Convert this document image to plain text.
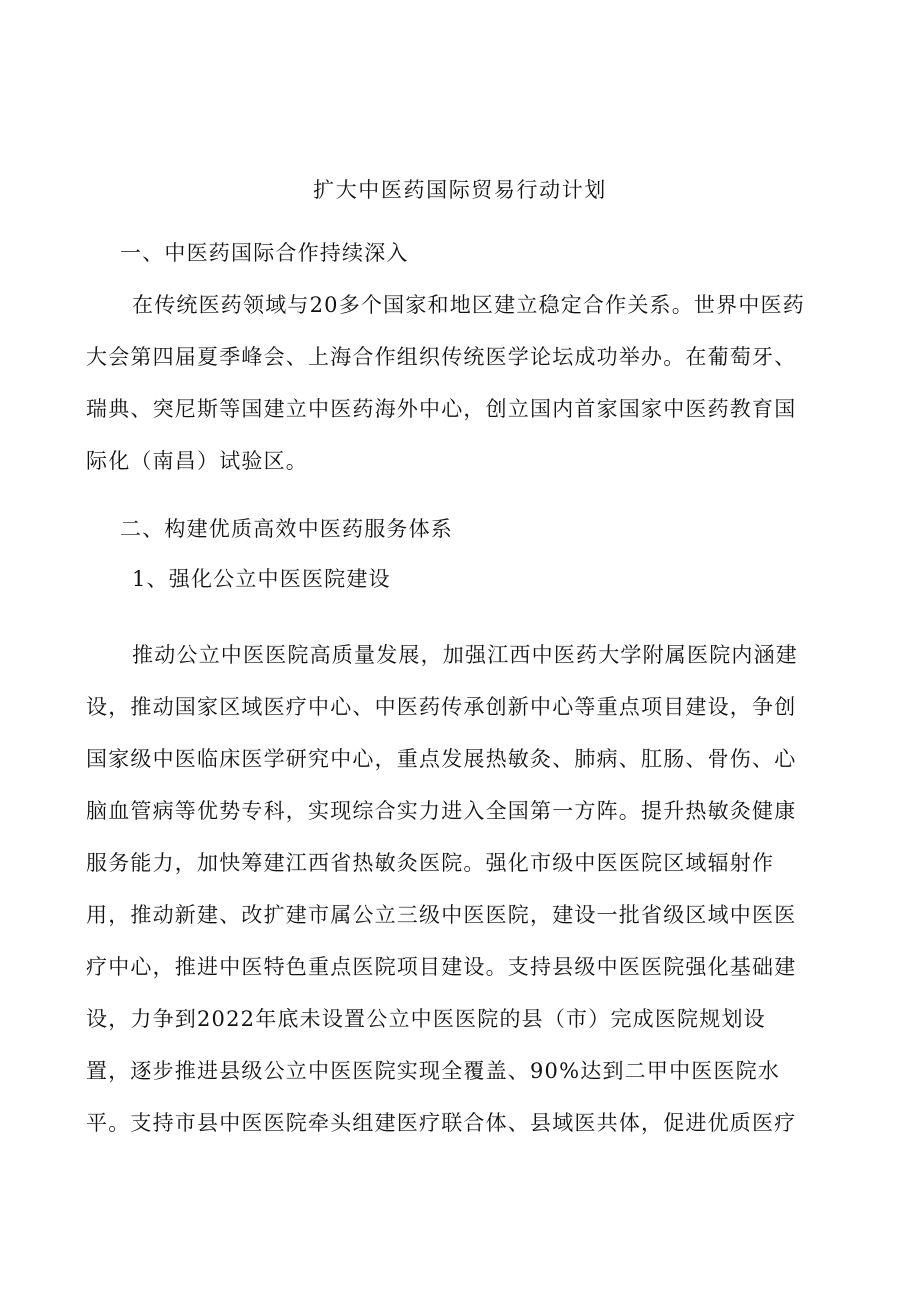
扩大中医药国际贸易行动计划
一、中医药国际合作持续深入
在传统医药领域与20多个国家和地区建立稳定合作关系。世界中医药
大会第四届夏季峰会、上海合作组织传统医学论坛成功举办。在葡萄牙、
瑞典、突尼斯等国建立中医药海外中心，创立国内首家国家中医药教育国
际化（南昌）试验区。
二、构建优质高效中医药服务体系
1、强化公立中医医院建设
推动公立中医医院高质量发展，加强江西中医药大学附属医院内涵建
设，推动国家区域医疗中心、中医药传承创新中心等重点项目建设，争创
国家级中医临床医学研究中心，重点发展热敏灸、肺病、肛肠、骨伤、心
脑血管病等优势专科，实现综合实力进入全国第一方阵。提升热敏灸健康
服务能力，加快筹建江西省热敏灸医院。强化市级中医医院区域辐射作
用，推动新建、改扩建市属公立三级中医医院，建设一批省级区域中医医
疗中心，推进中医特色重点医院项目建设。支持县级中医医院强化基础建
设，力争到2022年底未设置公立中医医院的县（市）完成医院规划设
置，逐步推进县级公立中医医院实现全覆盖、90%达到二甲中医医院水
平。支持市县中医医院牵头组建医疗联合体、县域医共体，促进优质医疗
